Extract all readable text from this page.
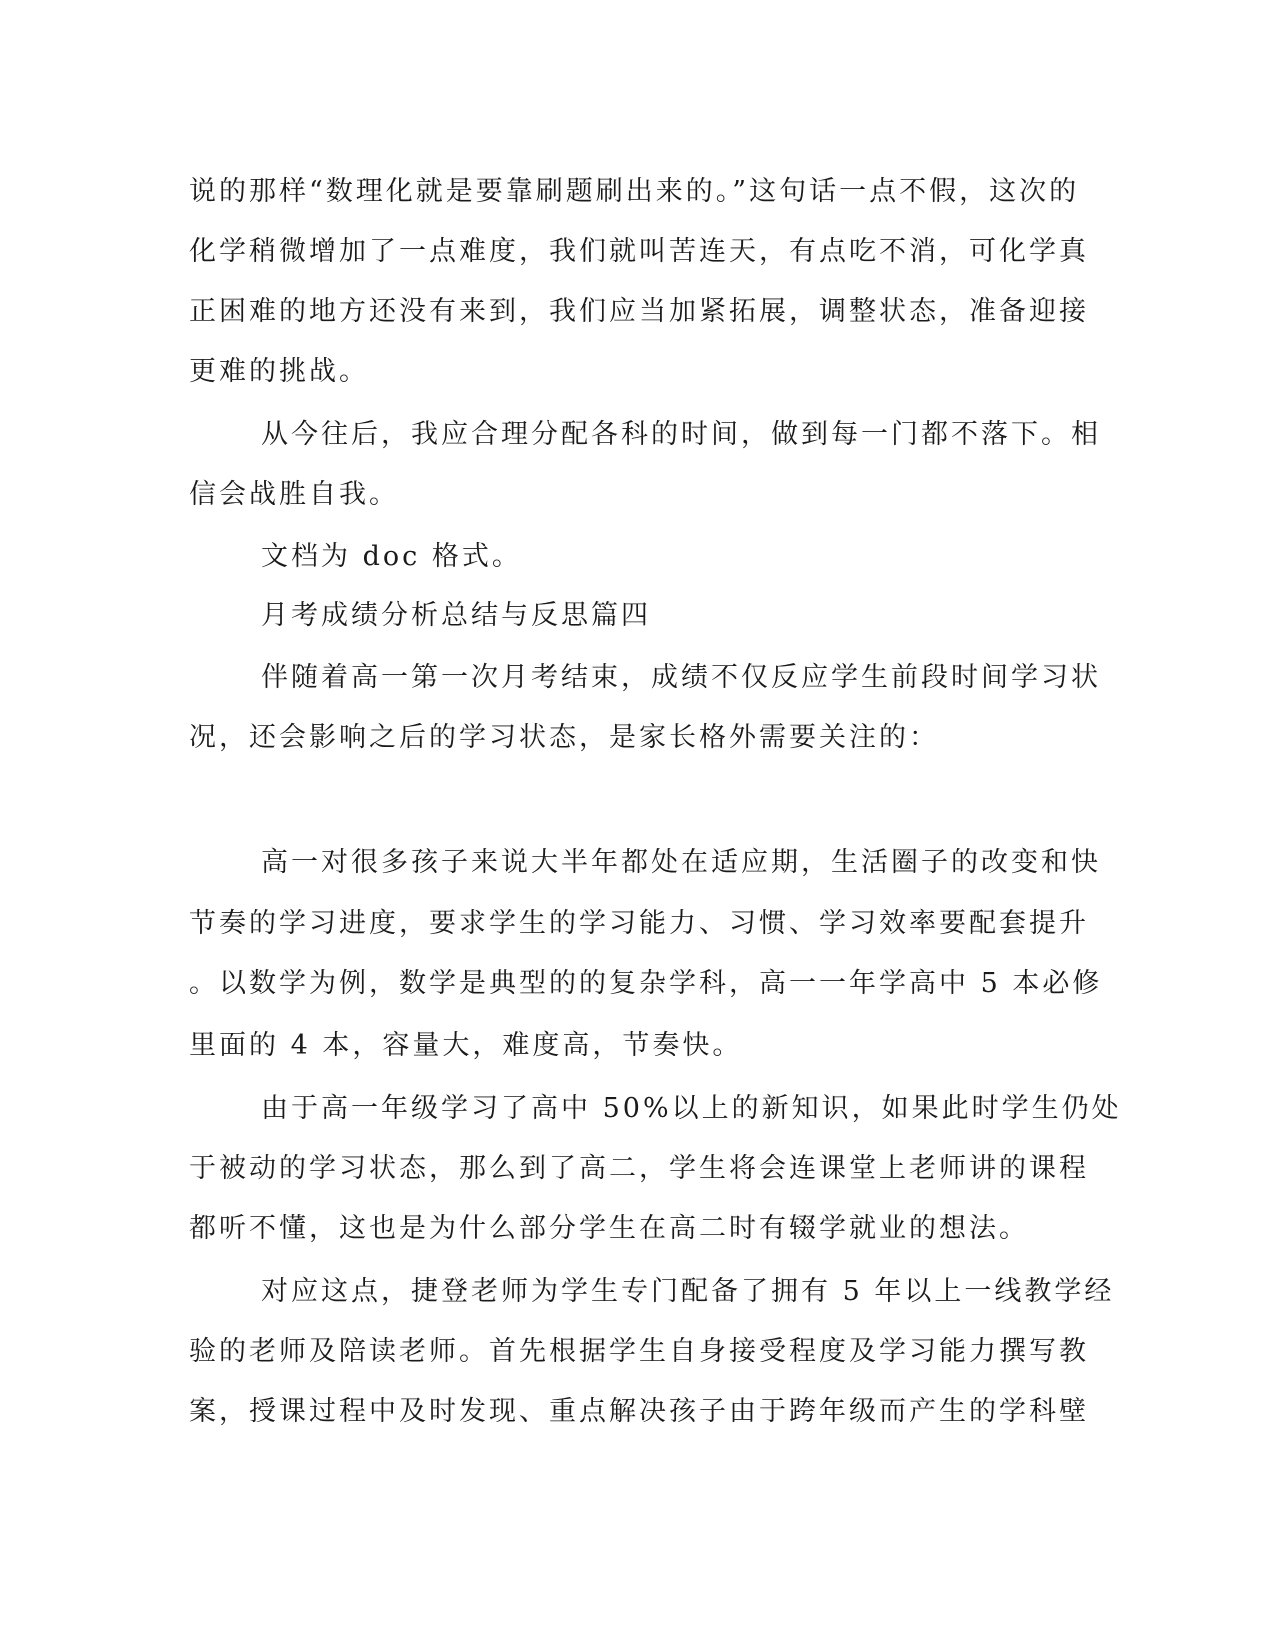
说的那样“数理化就是要靠刷题刷出来的。”这句话一点不假，这次的
化学稍微增加了一点难度，我们就叫苦连天，有点吃不消，可化学真
正困难的地方还没有来到，我们应当加紧拓展，调整状态，准备迎接
更难的挑战。
从今往后，我应合理分配各科的时间，做到每一门都不落下。相
信会战胜自我。
文档为 doc 格式。
月考成绩分析总结与反思篇四
伴随着高一第一次月考结束，成绩不仅反应学生前段时间学习状
况，还会影响之后的学习状态，是家长格外需要关注的：
高一对很多孩子来说大半年都处在适应期，生活圈子的改变和快
节奏的学习进度，要求学生的学习能力、习惯、学习效率要配套提升
。以数学为例，数学是典型的的复杂学科，高一一年学高中 5 本必修
里面的 4 本，容量大，难度高，节奏快。
由于高一年级学习了高中 50%以上的新知识，如果此时学生仍处
于被动的学习状态，那么到了高二，学生将会连课堂上老师讲的课程
都听不懂，这也是为什么部分学生在高二时有辍学就业的想法。
对应这点，捷登老师为学生专门配备了拥有 5 年以上一线教学经
验的老师及陪读老师。首先根据学生自身接受程度及学习能力撰写教
案，授课过程中及时发现、重点解决孩子由于跨年级而产生的学科壁
